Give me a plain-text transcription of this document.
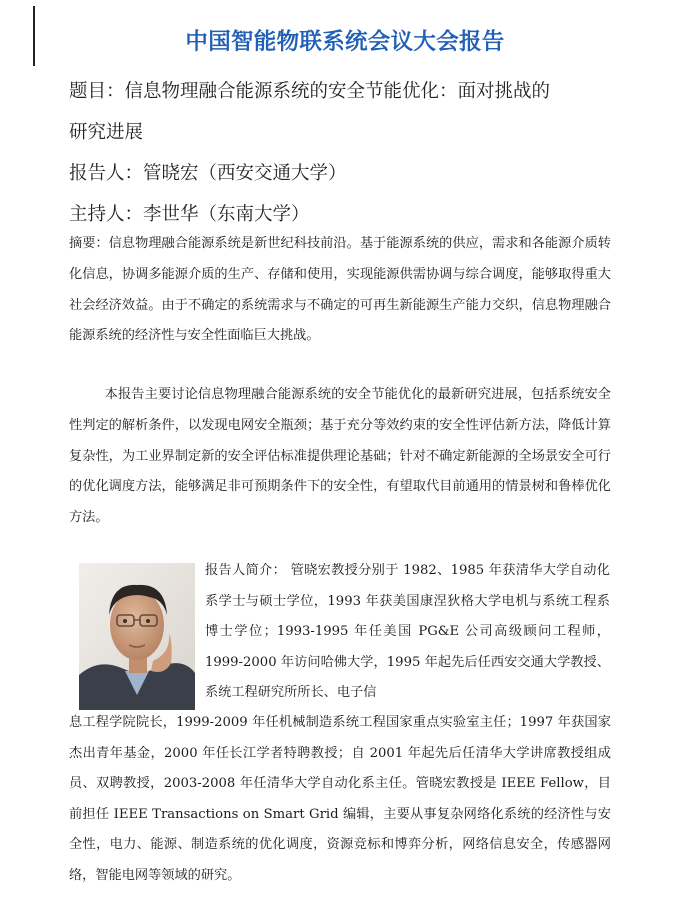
中国智能物联系统会议大会报告
题目：信息物理融合能源系统的安全节能优化：面对挑战的
研究进展
报告人：管晓宏（西安交通大学）
主持人：李世华（东南大学）
摘要：信息物理融合能源系统是新世纪科技前沿。基于能源系统的供应，需求和各能源介质转化信息，协调多能源介质的生产、存储和使用，实现能源供需协调与综合调度，能够取得重大社会经济效益。由于不确定的系统需求与不确定的可再生新能源生产能力交织，信息物理融合能源系统的经济性与安全性面临巨大挑战。
本报告主要讨论信息物理融合能源系统的安全节能优化的最新研究进展，包括系统安全性判定的解析条件，以发现电网安全瓶颈；基于充分等效约束的安全性评估新方法，降低计算复杂性，为工业界制定新的安全评估标准提供理论基础；针对不确定新能源的全场景安全可行的优化调度方法，能够满足非可预期条件下的安全性，有望取代目前通用的情景树和鲁棒优化方法。
报告人简介： 管晓宏教授分别于 1982、1985 年获清华大学自动化系学士与硕士学位，1993 年获美国康涅狄格大学电机与系统工程系博士学位；1993-1995 年任美国 PG&E 公司高级顾问工程师，1999-2000 年访问哈佛大学，1995 年起先后任西安交通大学教授、系统工程研究所所长、电子信
息工程学院院长，1999-2009 年任机械制造系统工程国家重点实验室主任；1997 年获国家杰出青年基金，2000 年任长江学者特聘教授；自 2001 年起先后任清华大学讲席教授组成员、双聘教授，2003-2008 年任清华大学自动化系主任。管晓宏教授是 IEEE Fellow，目前担任 IEEE Transactions on Smart Grid 编辑，主要从事复杂网络化系统的经济性与安全性，电力、能源、制造系统的优化调度，资源竞标和博弈分析，网络信息安全，传感器网络，智能电网等领域的研究。
